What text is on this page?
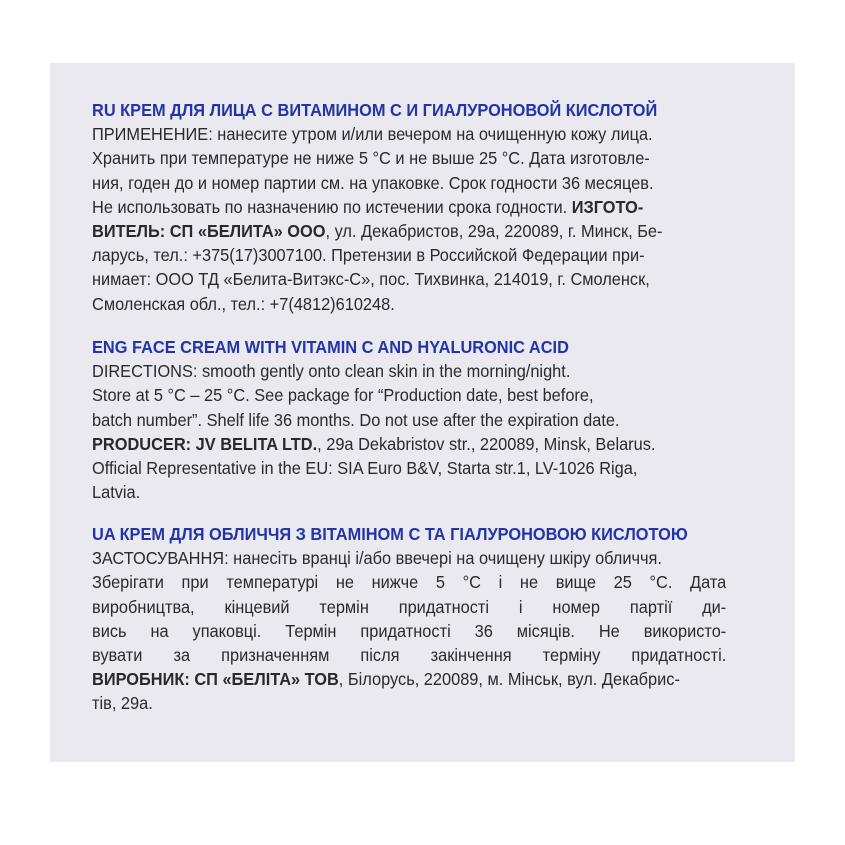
RU КРЕМ ДЛЯ ЛИЦА С ВИТАМИНОМ С И ГИАЛУРОНОВОЙ КИСЛОТОЙ
ПРИМЕНЕНИЕ: нанесите утром и/или вечером на очищенную кожу лица.
Хранить при температуре не ниже 5 °С и не выше 25 °С. Дата изготовле-
ния, годен до и номер партии см. на упаковке. Срок годности 36 месяцев.
Не использовать по назначению по истечении срока годности. ИЗГОТО-
ВИТЕЛЬ: СП «БЕЛИТА» ООО, ул. Декабристов, 29а, 220089, г. Минск, Бе-
ларусь, тел.: +375(17)3007100. Претензии в Российской Федерации при-
нимает: ООО ТД «Белита-Витэкс-С», пос. Тихвинка, 214019, г. Смоленск,
Смоленская обл., тел.: +7(4812)610248.
ENG FACE CREAM WITH VITAMIN C AND HYALURONIC ACID
DIRECTIONS: smooth gently onto clean skin in the morning/night.
Store at 5 °C – 25 °C. See package for “Production date, best before,
batch number”. Shelf life 36 months. Do not use after the expiration date.
PRODUCER: JV BELITA LTD., 29a Dekabristov str., 220089, Minsk, Belarus.
Official Representative in the EU: SIA Euro B&V, Starta str.1, LV-1026 Riga,
Latvia.
UA КРЕМ ДЛЯ ОБЛИЧЧЯ З ВІТАМІНОМ С ТА ГІАЛУРОНОВОЮ КИСЛОТОЮ
ЗАСТОСУВАННЯ: нанесіть вранці і/або ввечері на очищену шкіру обличчя.
Зберігати при температурі не нижче 5 °С і не вище 25 °С. Дата
виробництва, кінцевий термін придатності і номер партії ди-
вись на упаковці. Термін придатності 36 місяців. Не використо-
вувати за призначенням після закінчення терміну придатності.
ВИРОБНИК: СП «БЕЛІТА» ТОВ, Білорусь, 220089, м. Мінськ, вул. Декабрис-
тів, 29а.
